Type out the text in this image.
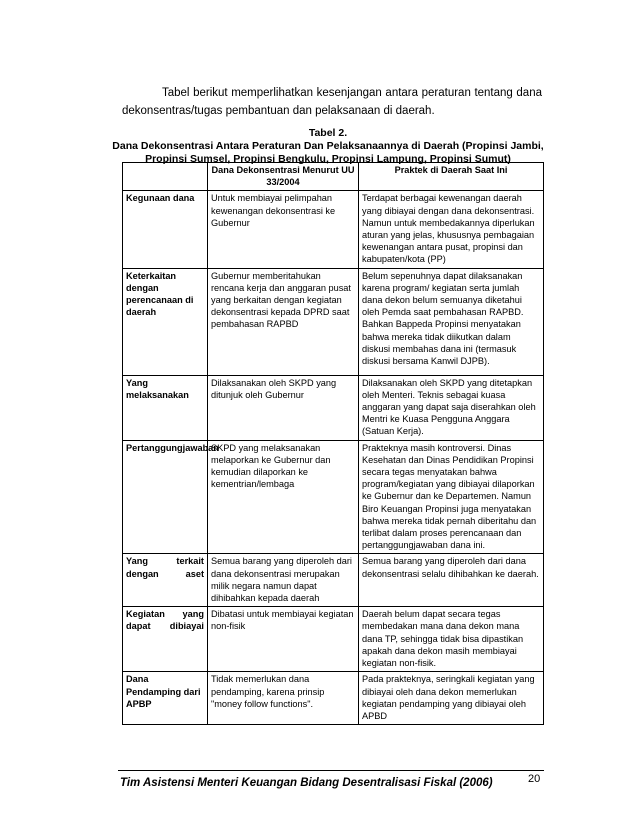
Tabel berikut memperlihatkan kesenjangan antara peraturan tentang dana
dekonsentras/tugas pembantuan dan pelaksanaan di daerah.
Tabel 2.
Dana Dekonsentrasi Antara Peraturan Dan Pelaksanaannya di Daerah (Propinsi Jambi,
Propinsi Sumsel, Propinsi Bengkulu, Propinsi Lampung, Propinsi Sumut)
	Dana Dekonsentrasi Menurut UU 33/2004	Praktek di Daerah Saat Ini
Kegunaan dana	Untuk membiayai pelimpahan kewenangan dekonsentrasi ke Gubernur	Terdapat berbagai kewenangan daerah yang dibiayai dengan dana dekonsentrasi. Namun untuk membedakannya diperlukan aturan yang jelas, khususnya pembagaian kewenangan antara pusat, propinsi dan kabupaten/kota (PP)
Keterkaitan dengan perencanaan di daerah	Gubernur memberitahukan rencana kerja dan anggaran pusat yang berkaitan dengan kegiatan dekonsentrasi kepada DPRD saat pembahasan RAPBD	Belum sepenuhnya dapat dilaksanakan karena program/ kegiatan serta jumlah dana dekon belum semuanya diketahui oleh Pemda saat pembahasan RAPBD. Bahkan Bappeda Propinsi menyatakan bahwa mereka tidak diikutkan dalam diskusi membahas dana ini (termasuk diskusi bersama Kanwil DJPB).
Yang melaksanakan	Dilaksanakan oleh SKPD yang ditunjuk oleh Gubernur	Dilaksanakan oleh SKPD yang ditetapkan oleh Menteri. Teknis sebagai kuasa anggaran yang dapat saja diserahkan oleh Mentri ke Kuasa Pengguna Anggara (Satuan Kerja).
Pertanggungjawaban	SKPD yang melaksanakan melaporkan ke Gubernur dan kemudian dilaporkan ke kementrian/lembaga	Prakteknya masih kontroversi. Dinas Kesehatan dan Dinas Pendidikan Propinsi secara tegas menyatakan bahwa program/kegiatan yang dibiayai dilaporkan ke Gubernur dan ke Departemen. Namun Biro Keuangan Propinsi juga menyatakan bahwa mereka tidak pernah diberitahu dan terlibat dalam proses perencanaan dan pertanggungjawaban dana ini.
Yang terkait dengan aset	Semua barang yang diperoleh dari dana dekonsentrasi merupakan milik negara namun dapat dihibahkan kepada daerah	Semua barang yang diperoleh dari dana dekonsentrasi selalu dihibahkan ke daerah.
Kegiatan yang dapat dibiayai	Dibatasi untuk membiayai kegiatan non-fisik	Daerah belum dapat secara tegas membedakan mana dana dekon mana dana TP, sehingga tidak bisa dipastikan apakah dana dekon masih membiayai kegiatan non-fisik.
Dana Pendamping dari APBP	Tidak memerlukan dana pendamping, karena prinsip "money follow functions".	Pada prakteknya, seringkali kegiatan yang dibiayai oleh dana dekon memerlukan kegiatan pendamping yang dibiayai oleh APBD
Tim Asistensi Menteri Keuangan Bidang Desentralisasi Fiskal (2006)	20
